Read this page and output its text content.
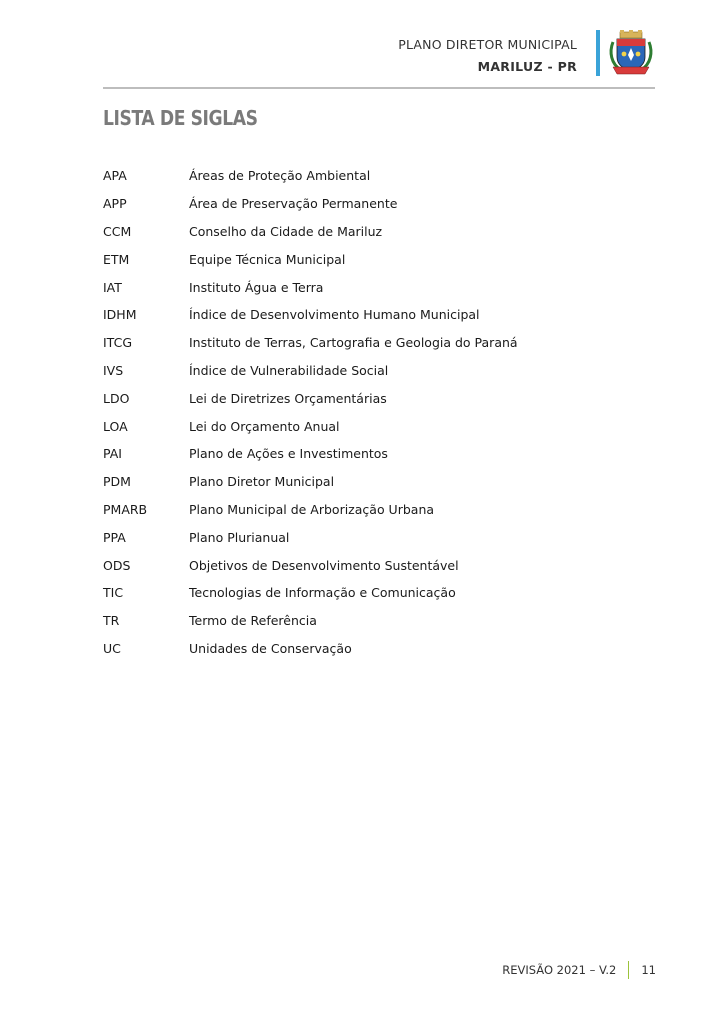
PLANO DIRETOR MUNICIPAL
MARILUZ - PR
LISTA DE SIGLAS
APA	Áreas de Proteção Ambiental
APP	Área de Preservação Permanente
CCM	Conselho da Cidade de Mariluz
ETM	Equipe Técnica Municipal
IAT	Instituto Água e Terra
IDHM	Índice de Desenvolvimento Humano Municipal
ITCG	Instituto de Terras, Cartografia e Geologia do Paraná
IVS	Índice de Vulnerabilidade Social
LDO	Lei de Diretrizes Orçamentárias
LOA	Lei do Orçamento Anual
PAI	Plano de Ações e Investimentos
PDM	Plano Diretor Municipal
PMARB	Plano Municipal de Arborização Urbana
PPA	Plano Plurianual
ODS	Objetivos de Desenvolvimento Sustentável
TIC	Tecnologias de Informação e Comunicação
TR	Termo de Referência
UC	Unidades de Conservação
REVISÃO 2021 – V.2 11
